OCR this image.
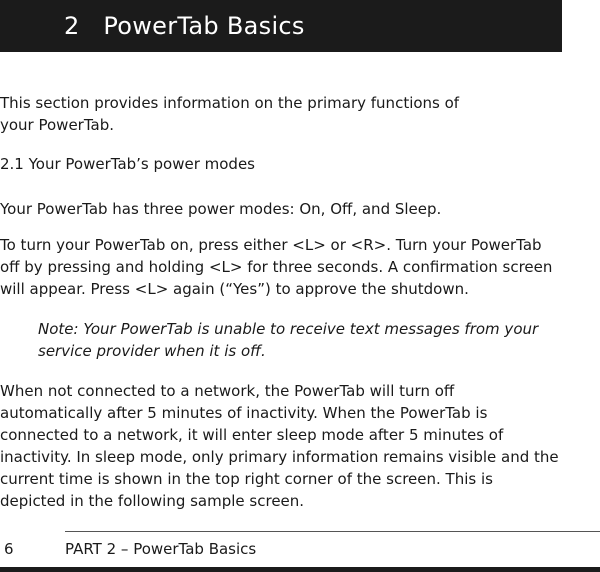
2   PowerTab Basics

This section provides information on the primary functions of your PowerTab.

2.1 Your PowerTab’s power modes

Your PowerTab has three power modes: On, Off, and Sleep.

To turn your PowerTab on, press either <L> or <R>. Turn your PowerTab off by pressing and holding <L> for three seconds. A confirmation screen will appear. Press <L> again (“Yes”) to approve the shutdown.

Note: Your PowerTab is unable to receive text messages from your service provider when it is off.

When not connected to a network, the PowerTab will turn off automatically after 5 minutes of inactivity. When the PowerTab is connected to a network, it will enter sleep mode after 5 minutes of inactivity. In sleep mode, only primary information remains visible and the current time is shown in the top right corner of the screen. This is depicted in the following sample screen.

6	PART 2 – PowerTab Basics
